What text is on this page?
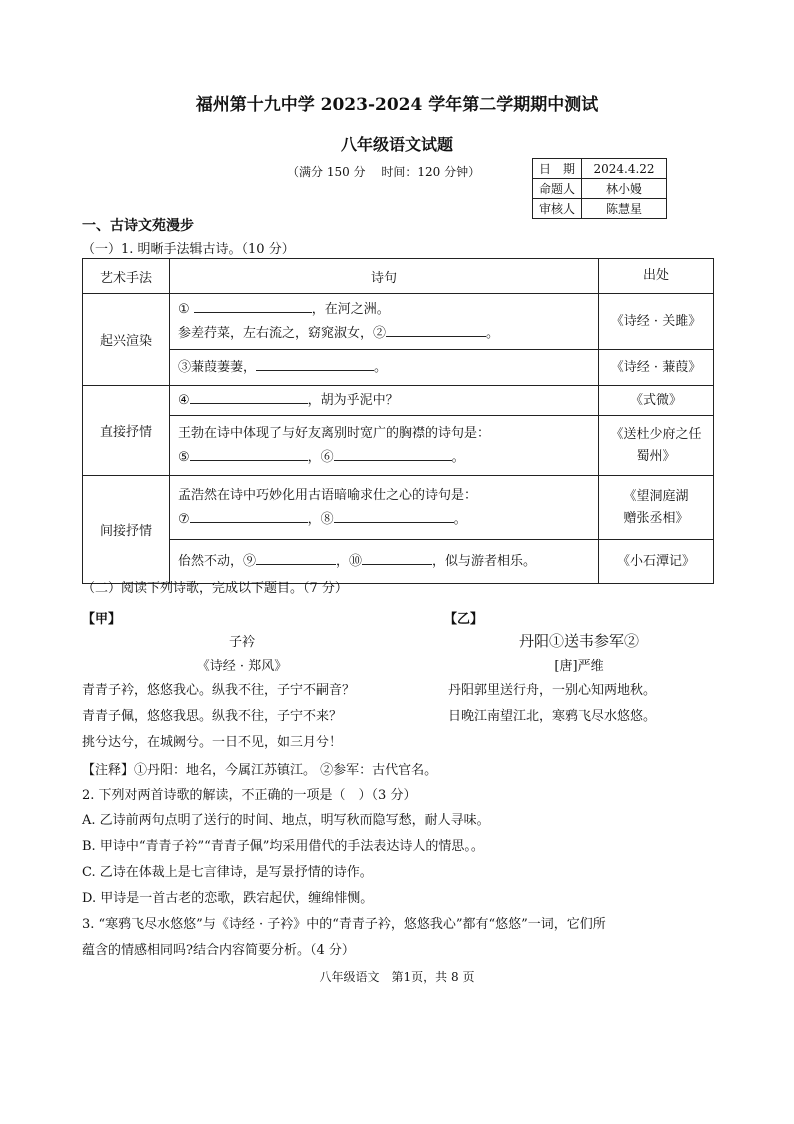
福州第十九中学 2023-2024 学年第二学期期中测试
八年级语文试题
（满分 150 分　 时间：120 分钟）	日　期	2024.4.22
命题人	林小嫚
审核人	陈慧星
一、古诗文苑漫步
（一）1. 明晰手法辑古诗。（10 分）
艺术手法	诗句	出处
起兴渲染	① ，在河之洲。
参差荇菜，左右流之，窈窕淑女，② 。	《诗经 · 关雎》
	③蒹葭萋萋， 。	《诗经 · 蒹葭》
直接抒情	④ ，胡为乎泥中？	《式微》
	王勃在诗中体现了与好友离别时宽广的胸襟的诗句是：
⑤ ，⑥ 。	《送杜少府之任
蜀州》
间接抒情	孟浩然在诗中巧妙化用古语暗喻求仕之心的诗句是：
⑦ ，⑧ 。	《望洞庭湖
赠张丞相》
	佁然不动，⑨ ，⑩ ，似与游者相乐。	《小石潭记》
（二）阅读下列诗歌，完成以下题目。（7 分）
【甲】
子衿
《诗经 · 郑风》
青青子衿，悠悠我心。纵我不往，子宁不嗣音？
青青子佩，悠悠我思。纵我不往，子宁不来？
挑兮达兮，在城阙兮。一日不见，如三月兮！
【乙】
丹阳①送韦参军②
[唐]严维
丹阳郭里送行舟，一别心知两地秋。
日晚江南望江北，寒鸦飞尽水悠悠。
【注释】①丹阳：地名，今属江苏镇江。 ②参军：古代官名。
2. 下列对两首诗歌的解读，不正确的一项是（　）（3 分）
A. 乙诗前两句点明了送行的时间、地点，明写秋而隐写愁，耐人寻味。
B. 甲诗中“青青子衿”“青青子佩”均采用借代的手法表达诗人的情思。。
C. 乙诗在体裁上是七言律诗，是写景抒情的诗作。
D. 甲诗是一首古老的恋歌，跌宕起伏，缠绵悱恻。
3. “寒鸦飞尽水悠悠”与《诗经 · 子衿》中的“青青子衿，悠悠我心”都有“悠悠”一词，它们所
蕴含的情感相同吗?结合内容简要分析。（4 分）
八年级语文　第1页，共 8 页
